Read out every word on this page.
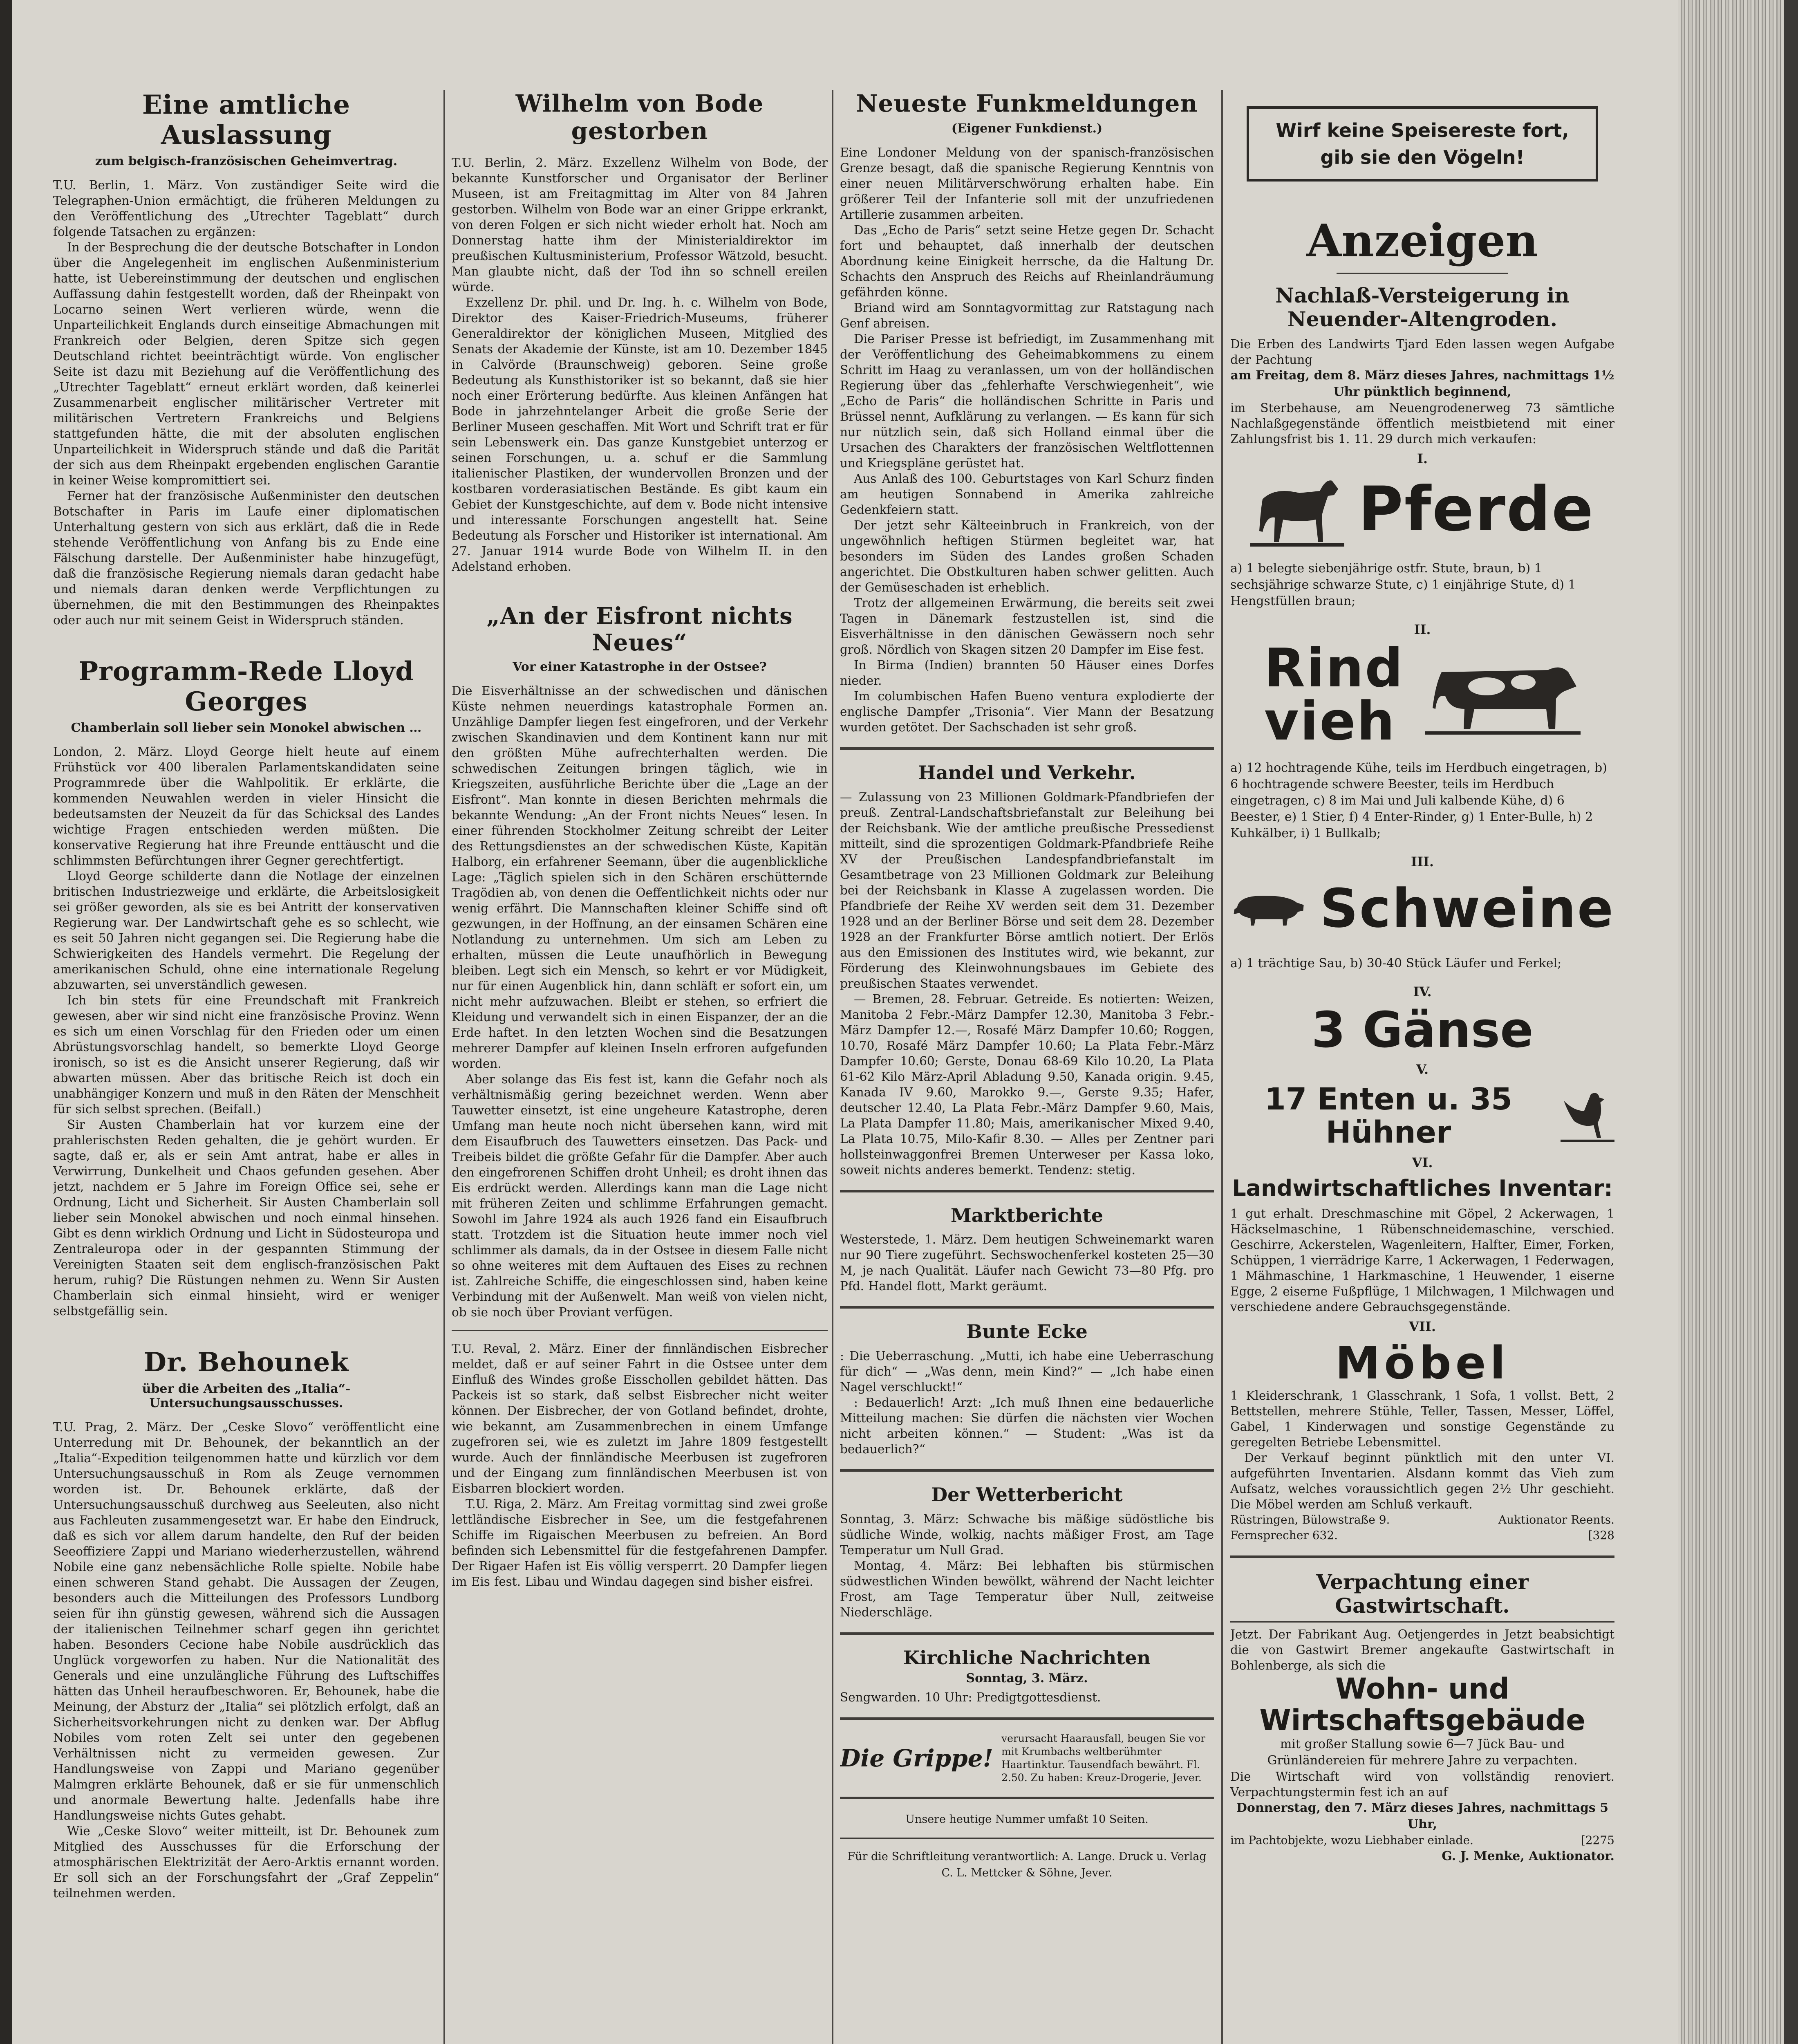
Eine amtliche Auslassung
zum belgisch-französischen Geheimvertrag.

T.U. Berlin, 1. März. Von zuständiger Seite wird die Telegraphen-Union ermächtigt, die früheren Meldungen zu den Veröffentlichung des „Utrechter Tageblatt“ durch folgende Tatsachen zu ergänzen:

In der Besprechung die der deutsche Botschafter in London über die Angelegenheit im englischen Außenministerium hatte, ist Uebereinstimmung der deutschen und englischen Auffassung dahin festgestellt worden, daß der Rheinpakt von Locarno seinen Wert verlieren würde, wenn die Unparteilichkeit Englands durch einseitige Abmachungen mit Frankreich oder Belgien, deren Spitze sich gegen Deutschland richtet beeinträchtigt würde. Von englischer Seite ist dazu mit Beziehung auf die Veröffentlichung des „Utrechter Tageblatt“ erneut erklärt worden, daß keinerlei Zusammenarbeit englischer militärischer Vertreter mit militärischen Vertretern Frankreichs und Belgiens stattgefunden hätte, die mit der absoluten englischen Unparteilichkeit in Widerspruch stände und daß die Parität der sich aus dem Rheinpakt ergebenden englischen Garantie in keiner Weise kompromittiert sei.

Ferner hat der französische Außenminister den deutschen Botschafter in Paris im Laufe einer diplomatischen Unterhaltung gestern von sich aus erklärt, daß die in Rede stehende Veröffentlichung von Anfang bis zu Ende eine Fälschung darstelle. Der Außenminister habe hinzugefügt, daß die französische Regierung niemals daran gedacht habe und niemals daran denken werde Verpflichtungen zu übernehmen, die mit den Bestimmungen des Rheinpaktes oder auch nur mit seinem Geist in Widerspruch ständen.

Programm-Rede Lloyd Georges
Chamberlain soll lieber sein Monokel abwischen …

London, 2. März. Lloyd George hielt heute auf einem Frühstück vor 400 liberalen Parlamentskandidaten seine Programmrede über die Wahlpolitik. Er erklärte, die kommenden Neuwahlen werden in vieler Hinsicht die bedeutsamsten der Neuzeit da für das Schicksal des Landes wichtige Fragen entschieden werden müßten. Die konservative Regierung hat ihre Freunde enttäuscht und die schlimmsten Befürchtungen ihrer Gegner gerechtfertigt.

Lloyd George schilderte dann die Notlage der einzelnen britischen Industriezweige und erklärte, die Arbeitslosigkeit sei größer geworden, als sie es bei Antritt der konservativen Regierung war. Der Landwirtschaft gehe es so schlecht, wie es seit 50 Jahren nicht gegangen sei. Die Regierung habe die Schwierigkeiten des Handels vermehrt. Die Regelung der amerikanischen Schuld, ohne eine internationale Regelung abzuwarten, sei unverständlich gewesen.

Ich bin stets für eine Freundschaft mit Frankreich gewesen, aber wir sind nicht eine französische Provinz. Wenn es sich um einen Vorschlag für den Frieden oder um einen Abrüstungsvorschlag handelt, so bemerkte Lloyd George ironisch, so ist es die Ansicht unserer Regierung, daß wir abwarten müssen. Aber das britische Reich ist doch ein unabhängiger Konzern und muß in den Räten der Menschheit für sich selbst sprechen. (Beifall.)

Sir Austen Chamberlain hat vor kurzem eine der prahlerischsten Reden gehalten, die je gehört wurden. Er sagte, daß er, als er sein Amt antrat, habe er alles in Verwirrung, Dunkelheit und Chaos gefunden gesehen. Aber jetzt, nachdem er 5 Jahre im Foreign Office sei, sehe er Ordnung, Licht und Sicherheit. Sir Austen Chamberlain soll lieber sein Monokel abwischen und noch einmal hinsehen. Gibt es denn wirklich Ordnung und Licht in Südosteuropa und Zentraleuropa oder in der gespannten Stimmung der Vereinigten Staaten seit dem englisch-französischen Pakt herum, ruhig? Die Rüstungen nehmen zu. Wenn Sir Austen Chamberlain sich einmal hinsieht, wird er weniger selbstgefällig sein.

Dr. Behounek
über die Arbeiten des „Italia“-Untersuchungsausschusses.

T.U. Prag, 2. März. Der „Ceske Slovo“ veröffentlicht eine Unterredung mit Dr. Behounek, der bekanntlich an der „Italia“-Expedition teilgenommen hatte und kürzlich vor dem Untersuchungsausschuß in Rom als Zeuge vernommen worden ist. Dr. Behounek erklärte, daß der Untersuchungsausschuß durchweg aus Seeleuten, also nicht aus Fachleuten zusammengesetzt war. Er habe den Eindruck, daß es sich vor allem darum handelte, den Ruf der beiden Seeoffiziere Zappi und Mariano wiederherzustellen, während Nobile eine ganz nebensächliche Rolle spielte. Nobile habe einen schweren Stand gehabt. Die Aussagen der Zeugen, besonders auch die Mitteilungen des Professors Lundborg seien für ihn günstig gewesen, während sich die Aussagen der italienischen Teilnehmer scharf gegen ihn gerichtet haben. Besonders Cecione habe Nobile ausdrücklich das Unglück vorgeworfen zu haben. Nur die Nationalität des Generals und eine unzulängliche Führung des Luftschiffes hätten das Unheil heraufbeschworen. Er, Behounek, habe die Meinung, der Absturz der „Italia“ sei plötzlich erfolgt, daß an Sicherheitsvorkehrungen nicht zu denken war. Der Abflug Nobiles vom roten Zelt sei unter den gegebenen Verhältnissen nicht zu vermeiden gewesen. Zur Handlungsweise von Zappi und Mariano gegenüber Malmgren erklärte Behounek, daß er sie für unmenschlich und anormale Bewertung halte. Jedenfalls habe ihre Handlungsweise nichts Gutes gehabt.

Wie „Ceske Slovo“ weiter mitteilt, ist Dr. Behounek zum Mitglied des Ausschusses für die Erforschung der atmosphärischen Elektrizität der Aero-Arktis ernannt worden. Er soll sich an der Forschungsfahrt der „Graf Zeppelin“ teilnehmen werden.

Wilhelm von Bode gestorben

T.U. Berlin, 2. März. Exzellenz Wilhelm von Bode, der bekannte Kunstforscher und Organisator der Berliner Museen, ist am Freitagmittag im Alter von 84 Jahren gestorben. Wilhelm von Bode war an einer Grippe erkrankt, von deren Folgen er sich nicht wieder erholt hat. Noch am Donnerstag hatte ihm der Ministerialdirektor im preußischen Kultusministerium, Professor Wätzold, besucht. Man glaubte nicht, daß der Tod ihn so schnell ereilen würde.

Exzellenz Dr. phil. und Dr. Ing. h. c. Wilhelm von Bode, Direktor des Kaiser-Friedrich-Museums, früherer Generaldirektor der königlichen Museen, Mitglied des Senats der Akademie der Künste, ist am 10. Dezember 1845 in Calvörde (Braunschweig) geboren. Seine große Bedeutung als Kunsthistoriker ist so bekannt, daß sie hier noch einer Erörterung bedürfte. Aus kleinen Anfängen hat Bode in jahrzehntelanger Arbeit die große Serie der Berliner Museen geschaffen. Mit Wort und Schrift trat er für sein Lebenswerk ein. Das ganze Kunstgebiet unterzog er seinen Forschungen, u. a. schuf er die Sammlung italienischer Plastiken, der wundervollen Bronzen und der kostbaren vorderasiatischen Bestände. Es gibt kaum ein Gebiet der Kunstgeschichte, auf dem v. Bode nicht intensive und interessante Forschungen angestellt hat. Seine Bedeutung als Forscher und Historiker ist international. Am 27. Januar 1914 wurde Bode von Wilhelm II. in den Adelstand erhoben.

„An der Eisfront nichts Neues“
Vor einer Katastrophe in der Ostsee?

Die Eisverhältnisse an der schwedischen und dänischen Küste nehmen neuerdings katastrophale Formen an. Unzählige Dampfer liegen fest eingefroren, und der Verkehr zwischen Skandinavien und dem Kontinent kann nur mit den größten Mühe aufrechterhalten werden. Die schwedischen Zeitungen bringen täglich, wie in Kriegszeiten, ausführliche Berichte über die „Lage an der Eisfront“. Man konnte in diesen Berichten mehrmals die bekannte Wendung: „An der Front nichts Neues“ lesen. In einer führenden Stockholmer Zeitung schreibt der Leiter des Rettungsdienstes an der schwedischen Küste, Kapitän Halborg, ein erfahrener Seemann, über die augenblickliche Lage: „Täglich spielen sich in den Schären erschütternde Tragödien ab, von denen die Oeffentlichkeit nichts oder nur wenig erfährt. Die Mannschaften kleiner Schiffe sind oft gezwungen, in der Hoffnung, an der einsamen Schären eine Notlandung zu unternehmen. Um sich am Leben zu erhalten, müssen die Leute unaufhörlich in Bewegung bleiben. Legt sich ein Mensch, so kehrt er vor Müdigkeit, nur für einen Augenblick hin, dann schläft er sofort ein, um nicht mehr aufzuwachen. Bleibt er stehen, so erfriert die Kleidung und verwandelt sich in einen Eispanzer, der an die Erde haftet. In den letzten Wochen sind die Besatzungen mehrerer Dampfer auf kleinen Inseln erfroren aufgefunden worden.

Aber solange das Eis fest ist, kann die Gefahr noch als verhältnismäßig gering bezeichnet werden. Wenn aber Tauwetter einsetzt, ist eine ungeheure Katastrophe, deren Umfang man heute noch nicht übersehen kann, wird mit dem Eisaufbruch des Tauwetters einsetzen. Das Pack- und Treibeis bildet die größte Gefahr für die Dampfer. Aber auch den eingefrorenen Schiffen droht Unheil; es droht ihnen das Eis erdrückt werden. Allerdings kann man die Lage nicht mit früheren Zeiten und schlimme Erfahrungen gemacht. Sowohl im Jahre 1924 als auch 1926 fand ein Eisaufbruch statt. Trotzdem ist die Situation heute immer noch viel schlimmer als damals, da in der Ostsee in diesem Falle nicht so ohne weiteres mit dem Auftauen des Eises zu rechnen ist. Zahlreiche Schiffe, die eingeschlossen sind, haben keine Verbindung mit der Außenwelt. Man weiß von vielen nicht, ob sie noch über Proviant verfügen.

T.U. Reval, 2. März. Einer der finnländischen Eisbrecher meldet, daß er auf seiner Fahrt in die Ostsee unter dem Einfluß des Windes große Eisschollen gebildet hätten. Das Packeis ist so stark, daß selbst Eisbrecher nicht weiter können. Der Eisbrecher, der von Gotland befindet, drohte, wie bekannt, am Zusammenbrechen in einem Umfange zugefroren sei, wie es zuletzt im Jahre 1809 festgestellt wurde. Auch der finnländische Meerbusen ist zugefroren und der Eingang zum finnländischen Meerbusen ist von Eisbarren blockiert worden.

T.U. Riga, 2. März. Am Freitag vormittag sind zwei große lettländische Eisbrecher in See, um die festgefahrenen Schiffe im Rigaischen Meerbusen zu befreien. An Bord befinden sich Lebensmittel für die festgefahrenen Dampfer. Der Rigaer Hafen ist Eis völlig versperrt. 20 Dampfer liegen im Eis fest. Libau und Windau dagegen sind bisher eisfrei.

Neueste Funkmeldungen
(Eigener Funkdienst.)

Eine Londoner Meldung von der spanisch-französischen Grenze besagt, daß die spanische Regierung Kenntnis von einer neuen Militärverschwörung erhalten habe. Ein größerer Teil der Infanterie soll mit der unzufriedenen Artillerie zusammen arbeiten.

Das „Echo de Paris“ setzt seine Hetze gegen Dr. Schacht fort und behauptet, daß innerhalb der deutschen Abordnung keine Einigkeit herrsche, da die Haltung Dr. Schachts den Anspruch des Reichs auf Rheinlandräumung gefährden könne.

Briand wird am Sonntagvormittag zur Ratstagung nach Genf abreisen.

Die Pariser Presse ist befriedigt, im Zusammenhang mit der Veröffentlichung des Geheimabkommens zu einem Schritt im Haag zu veranlassen, um von der holländischen Regierung über das „fehlerhafte Verschwiegenheit“, wie „Echo de Paris“ die holländischen Schritte in Paris und Brüssel nennt, Aufklärung zu verlangen. — Es kann für sich nur nützlich sein, daß sich Holland einmal über die Ursachen des Charakters der französischen Weltflottennen und Kriegspläne gerüstet hat.

Aus Anlaß des 100. Geburtstages von Karl Schurz finden am heutigen Sonnabend in Amerika zahlreiche Gedenkfeiern statt.

Der jetzt sehr Kälteeinbruch in Frankreich, von der ungewöhnlich heftigen Stürmen begleitet war, hat besonders im Süden des Landes großen Schaden angerichtet. Die Obstkulturen haben schwer gelitten. Auch der Gemüseschaden ist erheblich.

Trotz der allgemeinen Erwärmung, die bereits seit zwei Tagen in Dänemark festzustellen ist, sind die Eisverhältnisse in den dänischen Gewässern noch sehr groß. Nördlich von Skagen sitzen 20 Dampfer im Eise fest.

In Birma (Indien) brannten 50 Häuser eines Dorfes nieder.

Im columbischen Hafen Bueno ventura explodierte der englische Dampfer „Trisonia“. Vier Mann der Besatzung wurden getötet. Der Sachschaden ist sehr groß.

Handel und Verkehr.

— Zulassung von 23 Millionen Goldmark-Pfandbriefen der preuß. Zentral-Landschaftsbriefanstalt zur Beleihung bei der Reichsbank. Wie der amtliche preußische Pressedienst mitteilt, sind die sprozentigen Goldmark-Pfandbriefe Reihe XV der Preußischen Landespfandbriefanstalt im Gesamtbetrage von 23 Millionen Goldmark zur Beleihung bei der Reichsbank in Klasse A zugelassen worden. Die Pfandbriefe der Reihe XV werden seit dem 31. Dezember 1928 und an der Berliner Börse und seit dem 28. Dezember 1928 an der Frankfurter Börse amtlich notiert. Der Erlös aus den Emissionen des Institutes wird, wie bekannt, zur Förderung des Kleinwohnungsbaues im Gebiete des preußischen Staates verwendet.

— Bremen, 28. Februar. Getreide. Es notierten: Weizen, Manitoba 2 Febr.-März Dampfer 12.30, Manitoba 3 Febr.-März Dampfer 12.—, Rosafé März Dampfer 10.60; Roggen, 10.70, Rosafé März Dampfer 10.60; La Plata Febr.-März Dampfer 10.60; Gerste, Donau 68-69 Kilo 10.20, La Plata 61-62 Kilo März-April Abladung 9.50, Kanada origin. 9.45, Kanada IV 9.60, Marokko 9.—, Gerste 9.35; Hafer, deutscher 12.40, La Plata Febr.-März Dampfer 9.60, Mais, La Plata Dampfer 11.80; Mais, amerikanischer Mixed 9.40, La Plata 10.75, Milo-Kafir 8.30. — Alles per Zentner pari hollsteinwaggonfrei Bremen Unterweser per Kassa loko, soweit nichts anderes bemerkt. Tendenz: stetig.

Marktberichte

Westerstede, 1. März. Dem heutigen Schweinemarkt waren nur 90 Tiere zugeführt. Sechswochenferkel kosteten 25—30 M, je nach Qualität. Läufer nach Gewicht 73—80 Pfg. pro Pfd. Handel flott, Markt geräumt.

Bunte Ecke

: Die Ueberraschung. „Mutti, ich habe eine Ueberraschung für dich“ — „Was denn, mein Kind?“ — „Ich habe einen Nagel verschluckt!“

: Bedauerlich! Arzt: „Ich muß Ihnen eine bedauerliche Mitteilung machen: Sie dürfen die nächsten vier Wochen nicht arbeiten können.“ — Student: „Was ist da bedauerlich?“

Der Wetterbericht

Sonntag, 3. März: Schwache bis mäßige südöstliche bis südliche Winde, wolkig, nachts mäßiger Frost, am Tage Temperatur um Null Grad.

Montag, 4. März: Bei lebhaften bis stürmischen südwestlichen Winden bewölkt, während der Nacht leichter Frost, am Tage Temperatur über Null, zeitweise Niederschläge.

Kirchliche Nachrichten
Sonntag, 3. März.

Sengwarden. 10 Uhr: Predigtgottesdienst.

Die Grippe!
verursacht Haarausfall, beugen Sie vor mit Krumbachs weltberühmter Haartinktur. Tausendfach bewährt. Fl. 2.50. Zu haben: Kreuz-Drogerie, Jever.
Unsere heutige Nummer umfaßt 10 Seiten.
Für die Schriftleitung verantwortlich: A. Lange. Druck u. Verlag C. L. Mettcker & Söhne, Jever.
Wirf keine Speisereste fort,
gib sie den Vögeln!
Anzeigen
Nachlaß-Versteigerung in Neuender-Altengroden.

Die Erben des Landwirts Tjard Eden lassen wegen Aufgabe der Pachtung

am Freitag, dem 8. März dieses Jahres, nachmittags 1½ Uhr pünktlich beginnend,

im Sterbehause, am Neuengrodenerweg 73 sämtliche Nachlaßgegenstände öffentlich meistbietend mit einer Zahlungsfrist bis 1. 11. 29 durch mich verkaufen:

I.
Pferde

a) 1 belegte siebenjährige ostfr. Stute, braun, b) 1 sechsjährige schwarze Stute, c) 1 einjährige Stute, d) 1 Hengstfüllen braun;

II.
Rindvieh

a) 12 hochtragende Kühe, teils im Herdbuch eingetragen, b) 6 hochtragende schwere Beester, teils im Herdbuch eingetragen, c) 8 im Mai und Juli kalbende Kühe, d) 6 Beester, e) 1 Stier, f) 4 Enter-Rinder, g) 1 Enter-Bulle, h) 2 Kuhkälber, i) 1 Bullkalb;

III.
Schweine

a) 1 trächtige Sau, b) 30-40 Stück Läufer und Ferkel;

IV.
3 Gänse
V.
17 Enten u. 35 Hühner
VI.
Landwirtschaftliches Inventar:

1 gut erhalt. Dreschmaschine mit Göpel, 2 Ackerwagen, 1 Häckselmaschine, 1 Rübenschneidemaschine, verschied. Geschirre, Ackerstelen, Wagenleitern, Halfter, Eimer, Forken, Schüppen, 1 vierrädrige Karre, 1 Ackerwagen, 1 Federwagen, 1 Mähmaschine, 1 Harkmaschine, 1 Heuwender, 1 eiserne Egge, 2 eiserne Fußpflüge, 1 Milchwagen, 1 Milchwagen und verschiedene andere Gebrauchsgegenstände.

VII.
Möbel

1 Kleiderschrank, 1 Glasschrank, 1 Sofa, 1 vollst. Bett, 2 Bettstellen, mehrere Stühle, Teller, Tassen, Messer, Löffel, Gabel, 1 Kinderwagen und sonstige Gegenstände zu geregelten Betriebe Lebensmittel.

Der Verkauf beginnt pünktlich mit den unter VI. aufgeführten Inventarien. Alsdann kommt das Vieh zum Aufsatz, welches voraussichtlich gegen 2½ Uhr geschieht. Die Möbel werden am Schluß verkauft.

Rüstringen, Bülowstraße 9.	Auktionator Reents.
Fernsprecher 632.	[328
Verpachtung einer Gastwirtschaft.

Jetzt. Der Fabrikant Aug. Oetjengerdes in Jetzt beabsichtigt die von Gastwirt Bremer angekaufte Gastwirtschaft in Bohlenberge, als sich die

Wohn- und Wirtschaftsgebäude
mit großer Stallung sowie 6—7 Jück Bau- und Grünländereien für mehrere Jahre zu verpachten.

Die Wirtschaft wird von vollständig renoviert. Verpachtungstermin fest ich an auf

Donnerstag, den 7. März dieses Jahres, nachmittags 5 Uhr,
im Pachtobjekte, wozu Liebhaber einlade.	[2275
G. J. Menke, Auktionator.
